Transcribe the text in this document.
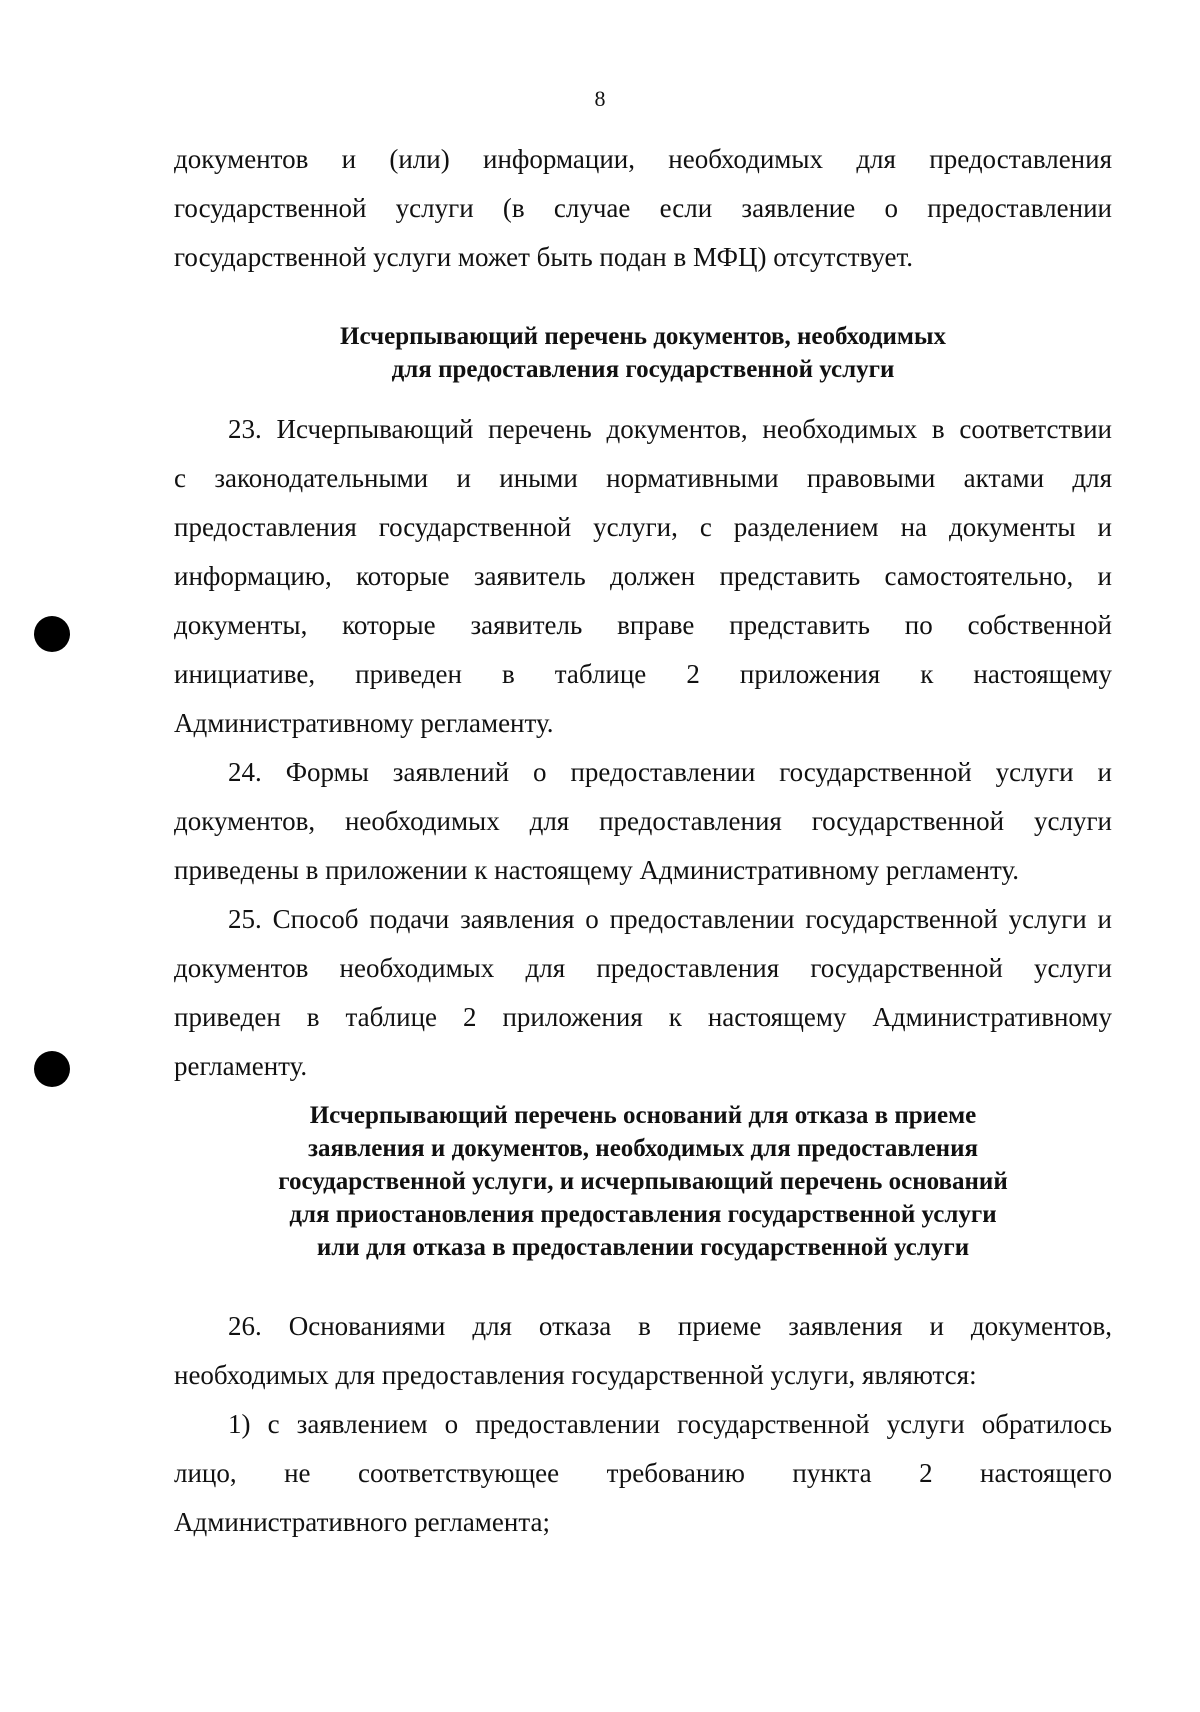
8
документов и (или) информации, необходимых для предоставления
государственной услуги (в случае если заявление о предоставлении
государственной услуги может быть подан в МФЦ) отсутствует.
Исчерпывающий перечень документов, необходимых
для предоставления государственной услуги
23. Исчерпывающий перечень документов, необходимых в соответствии
с законодательными и иными нормативными правовыми актами для
предоставления государственной услуги, с разделением на документы и
информацию, которые заявитель должен представить самостоятельно, и
документы, которые заявитель вправе представить по собственной
инициативе, приведен в таблице 2 приложения к настоящему
Административному регламенту.
24. Формы заявлений о предоставлении государственной услуги и
документов, необходимых для предоставления государственной услуги
приведены в приложении к настоящему Административному регламенту.
25. Способ подачи заявления о предоставлении государственной услуги и
документов необходимых для предоставления государственной услуги
приведен в таблице 2 приложения к настоящему Административному
регламенту.
Исчерпывающий перечень оснований для отказа в приеме
заявления и документов, необходимых для предоставления
государственной услуги, и исчерпывающий перечень оснований
для приостановления предоставления государственной услуги
или для отказа в предоставлении государственной услуги
26. Основаниями для отказа в приеме заявления и документов,
необходимых для предоставления государственной услуги, являются:
1) с заявлением о предоставлении государственной услуги обратилось
лицо, не соответствующее требованию пункта 2 настоящего
Административного регламента;
